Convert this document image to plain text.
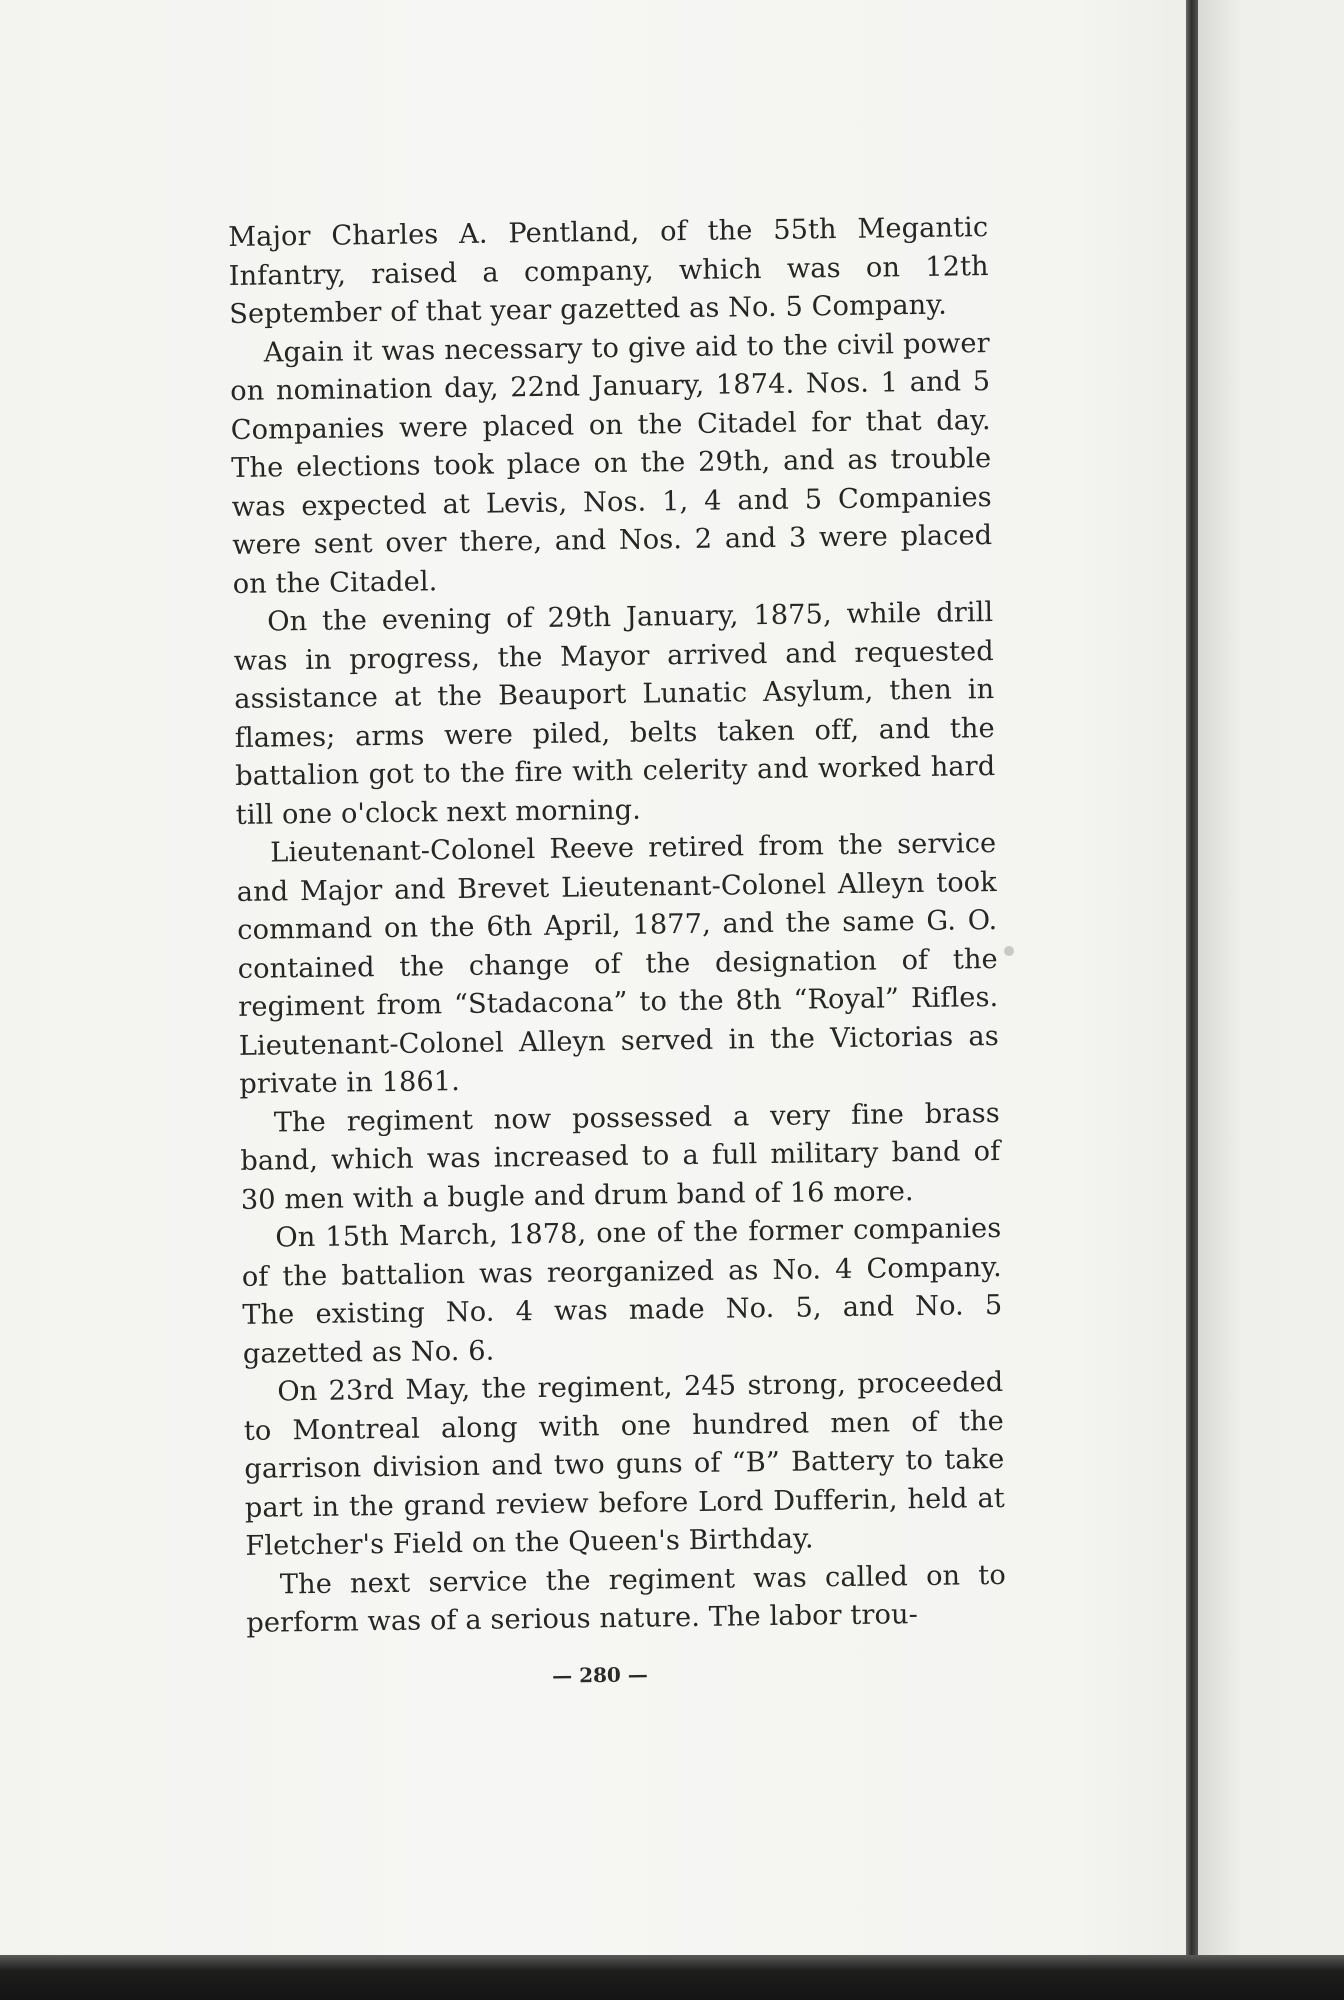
Major Charles A. Pentland, of the 55th Megantic Infantry, raised a company, which was on 12th September of that year gazetted as No. 5 Company.

Again it was necessary to give aid to the civil power on nomination day, 22nd January, 1874. Nos. 1 and 5 Companies were placed on the Citadel for that day. The elections took place on the 29th, and as trouble was expected at Levis, Nos. 1, 4 and 5 Companies were sent over there, and Nos. 2 and 3 were placed on the Citadel.

On the evening of 29th January, 1875, while drill was in progress, the Mayor arrived and requested assistance at the Beauport Lunatic Asylum, then in flames; arms were piled, belts taken off, and the battalion got to the fire with celerity and worked hard till one o'clock next morning.

Lieutenant-Colonel Reeve retired from the service and Major and Brevet Lieutenant-Colonel Alleyn took command on the 6th April, 1877, and the same G. O. contained the change of the designation of the regiment from “Stadacona” to the 8th “Royal” Rifles. Lieutenant-Colonel Alleyn served in the Victorias as private in 1861.

The regiment now possessed a very fine brass band, which was increased to a full military band of 30 men with a bugle and drum band of 16 more.

On 15th March, 1878, one of the former companies of the battalion was reorganized as No. 4 Company. The existing No. 4 was made No. 5, and No. 5 gazetted as No. 6.

On 23rd May, the regiment, 245 strong, proceeded to Montreal along with one hundred men of the garrison division and two guns of “B” Battery to take part in the grand review before Lord Dufferin, held at Fletcher's Field on the Queen's Birthday.

The next service the regiment was called on to perform was of a serious nature. The labor trou-

— 280 —
